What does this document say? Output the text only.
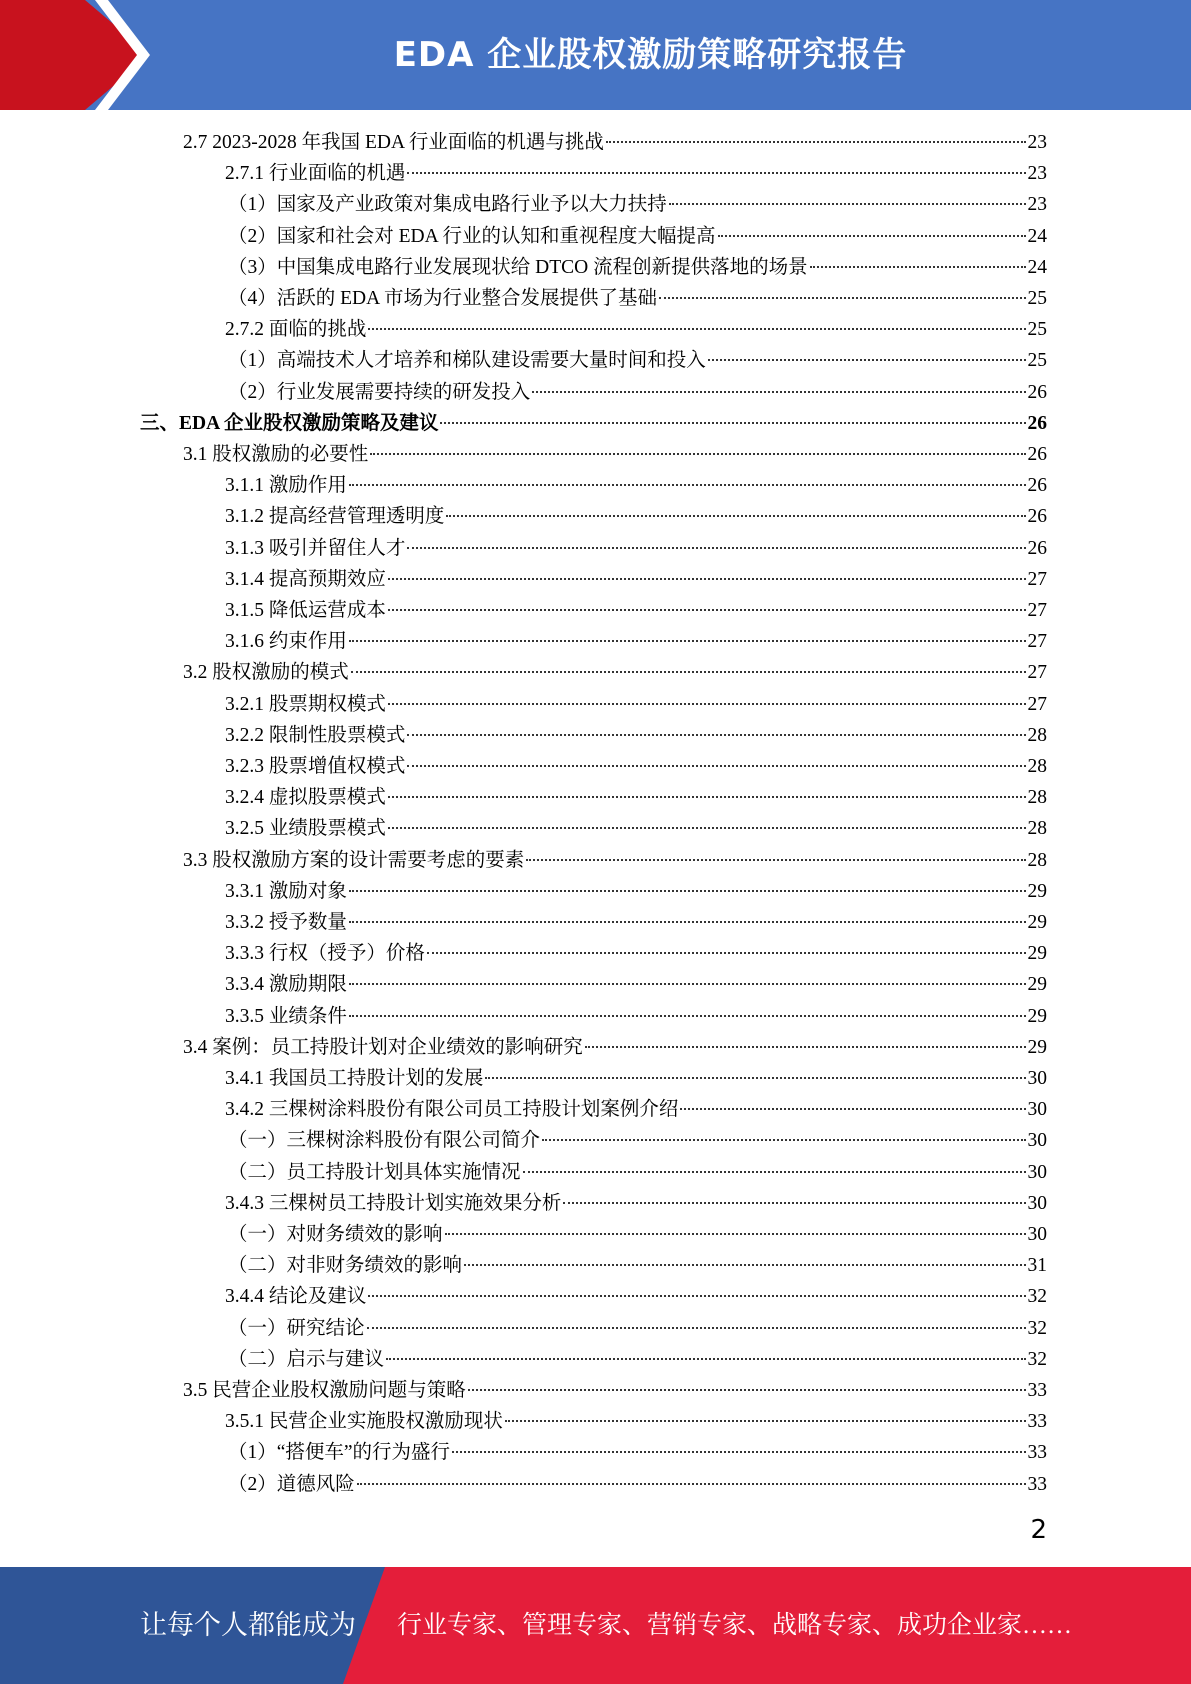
EDA 企业股权激励策略研究报告
2.7 2023-2028 年我国 EDA 行业面临的机遇与挑战	23
2.7.1 行业面临的机遇	23
（1）国家及产业政策对集成电路行业予以大力扶持	23
（2）国家和社会对 EDA 行业的认知和重视程度大幅提高	24
（3）中国集成电路行业发展现状给 DTCO 流程创新提供落地的场景	24
（4）活跃的 EDA 市场为行业整合发展提供了基础	25
2.7.2 面临的挑战	25
（1）高端技术人才培养和梯队建设需要大量时间和投入	25
（2）行业发展需要持续的研发投入	26
三、EDA 企业股权激励策略及建议	26
3.1 股权激励的必要性	26
3.1.1 激励作用	26
3.1.2 提高经营管理透明度	26
3.1.3 吸引并留住人才	26
3.1.4 提高预期效应	27
3.1.5 降低运营成本	27
3.1.6 约束作用	27
3.2 股权激励的模式	27
3.2.1 股票期权模式	27
3.2.2 限制性股票模式	28
3.2.3 股票增值权模式	28
3.2.4 虚拟股票模式	28
3.2.5 业绩股票模式	28
3.3 股权激励方案的设计需要考虑的要素	28
3.3.1 激励对象	29
3.3.2 授予数量	29
3.3.3 行权（授予）价格	29
3.3.4 激励期限	29
3.3.5 业绩条件	29
3.4 案例：员工持股计划对企业绩效的影响研究	29
3.4.1 我国员工持股计划的发展	30
3.4.2 三棵树涂料股份有限公司员工持股计划案例介绍	30
（一）三棵树涂料股份有限公司简介	30
（二）员工持股计划具体实施情况	30
3.4.3 三棵树员工持股计划实施效果分析	30
（一）对财务绩效的影响	30
（二）对非财务绩效的影响	31
3.4.4 结论及建议	32
（一）研究结论	32
（二）启示与建议	32
3.5 民营企业股权激励问题与策略	33
3.5.1 民营企业实施股权激励现状	33
（1）“搭便车”的行为盛行	33
（2）道德风险	33
2
让每个人都能成为 行业专家、管理专家、营销专家、战略专家、成功企业家……
